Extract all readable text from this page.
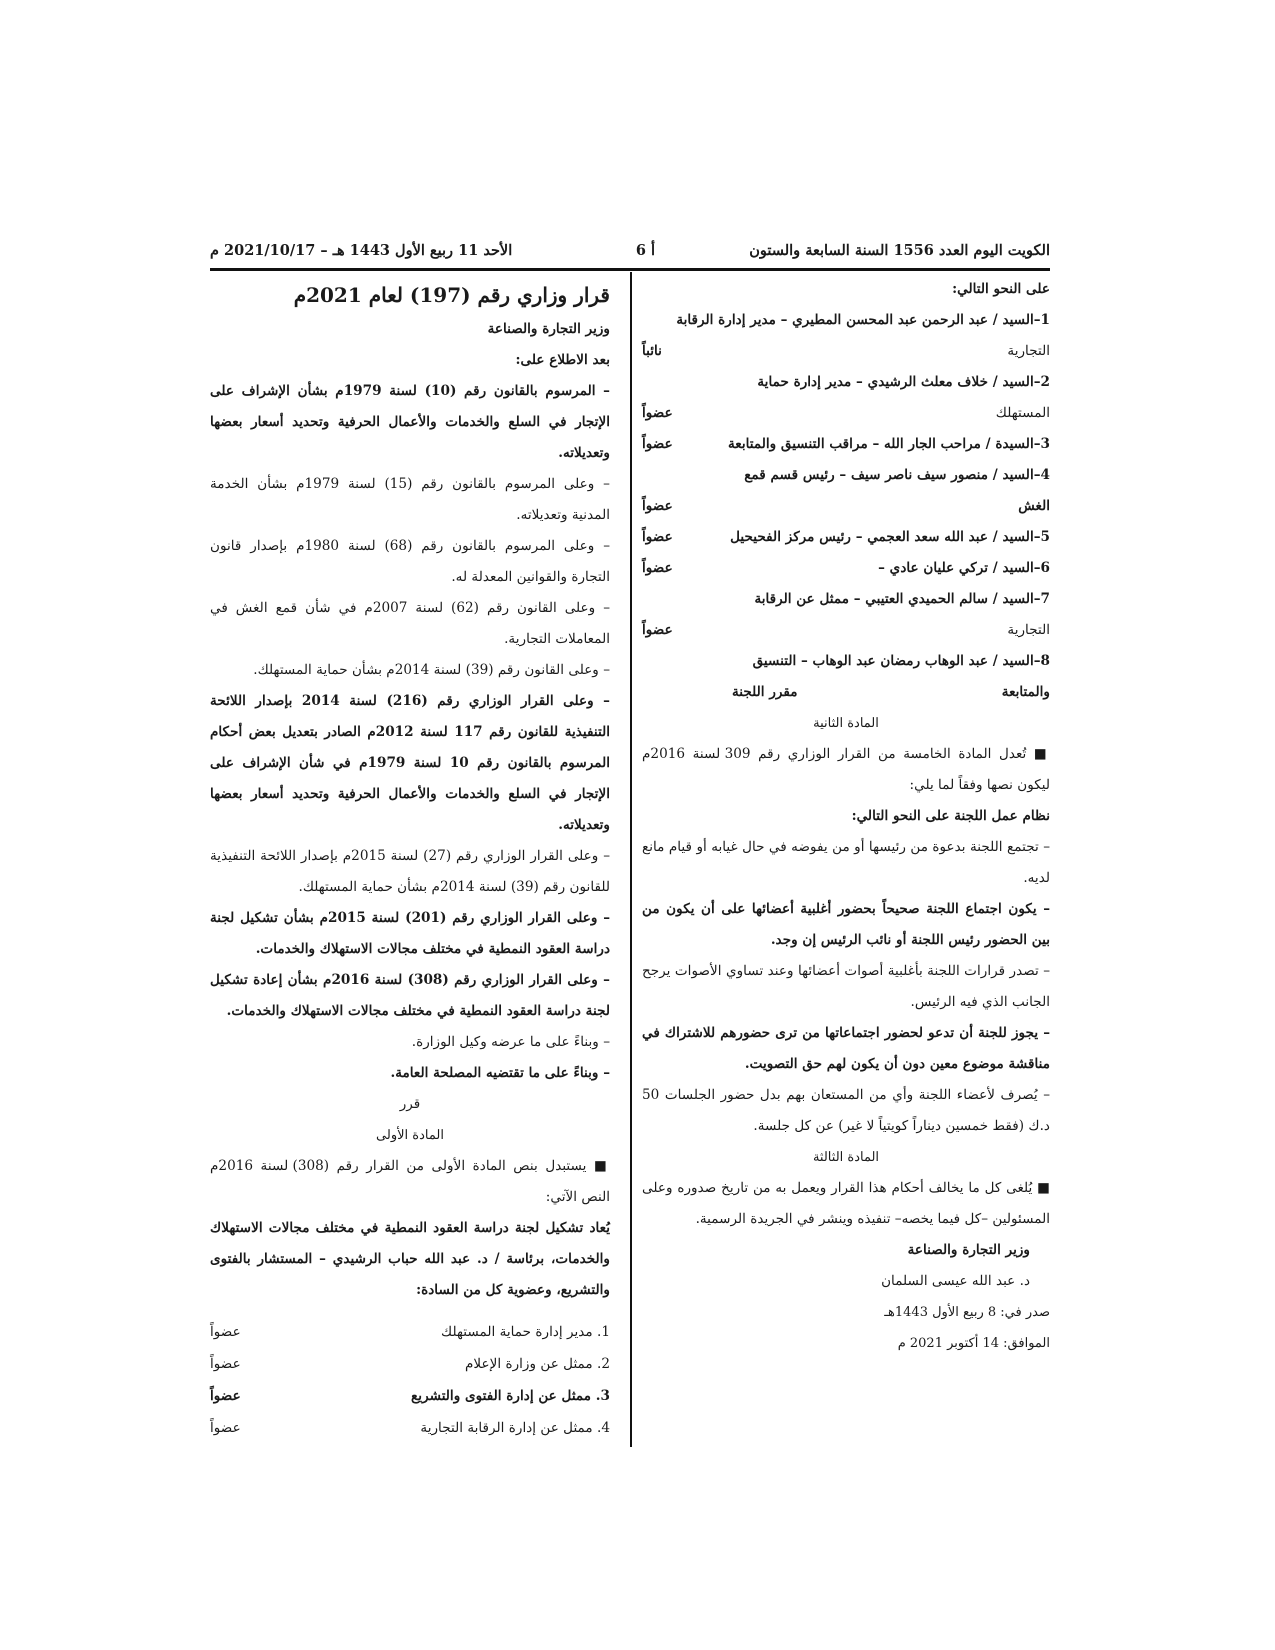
الكويت اليوم العدد 1556 السنة السابعة والستون
أ 6
الأحد 11 ربيع الأول 1443 هـ – 2021/10/17 م

على النحو التالي:

1–السيد / عبد الرحمن عبد المحسن المطيري – مدير إدارة الرقابة

التجارية
نائباً

2–السيد / خلاف معلث الرشيدي – مدير إدارة حماية

المستهلك
عضواً

3–السيدة / مراحب الجار الله – مراقب التنسيق والمتابعة
عضواً

4–السيد / منصور سيف ناصر سيف – رئيس قسم قمع

الغش
عضواً

5–السيد / عبد الله سعد العجمي – رئيس مركز الفحيحيل
عضواً

6–السيد / تركي عليان عادي –
عضواً

7–السيد / سالم الحميدي العتيبي – ممثل عن الرقابة

التجارية
عضواً

8–السيد / عبد الوهاب رمضان عبد الوهاب – التنسيق

والمتابعة
مقرر اللجنة

المادة الثانية

■ تُعدل المادة الخامسة من القرار الوزاري رقم 309 لسنة 2016م ليكون نصها وفقاً لما يلي:

نظام عمل اللجنة على النحو التالي:

– تجتمع اللجنة بدعوة من رئيسها أو من يفوضه في حال غيابه أو قيام مانع لديه.

– يكون اجتماع اللجنة صحيحاً بحضور أغلبية أعضائها على أن يكون من بين الحضور رئيس اللجنة أو نائب الرئيس إن وجد.

– تصدر قرارات اللجنة بأغلبية أصوات أعضائها وعند تساوي الأصوات يرجح الجانب الذي فيه الرئيس.

– يجوز للجنة أن تدعو لحضور اجتماعاتها من ترى حضورهم للاشتراك في مناقشة موضوع معين دون أن يكون لهم حق التصويت.

– يُصرف لأعضاء اللجنة وأي من المستعان بهم بدل حضور الجلسات 50 د.ك (فقط خمسين ديناراً كويتياً لا غير) عن كل جلسة.

المادة الثالثة

■ يُلغى كل ما يخالف أحكام هذا القرار ويعمل به من تاريخ صدوره وعلى المسئولين –كل فيما يخصه– تنفيذه وينشر في الجريدة الرسمية.

وزير التجارة والصناعة

د. عبد الله عيسى السلمان

صدر في: 8 ربيع الأول 1443هـ

الموافق: 14 أكتوبر 2021 م

قرار وزاري رقم (197) لعام 2021م

وزير التجارة والصناعة

بعد الاطلاع على:

– المرسوم بالقانون رقم (10) لسنة 1979م بشأن الإشراف على الإتجار في السلع والخدمات والأعمال الحرفية وتحديد أسعار بعضها وتعديلاته.

– وعلى المرسوم بالقانون رقم (15) لسنة 1979م بشأن الخدمة المدنية وتعديلاته.

– وعلى المرسوم بالقانون رقم (68) لسنة 1980م بإصدار قانون التجارة والقوانين المعدلة له.

– وعلى القانون رقم (62) لسنة 2007م في شأن قمع الغش في المعاملات التجارية.

– وعلى القانون رقم (39) لسنة 2014م بشأن حماية المستهلك.

– وعلى القرار الوزاري رقم (216) لسنة 2014 بإصدار اللائحة التنفيذية للقانون رقم 117 لسنة 2012م الصادر بتعديل بعض أحكام المرسوم بالقانون رقم 10 لسنة 1979م في شأن الإشراف على الإتجار في السلع والخدمات والأعمال الحرفية وتحديد أسعار بعضها وتعديلاته.

– وعلى القرار الوزاري رقم (27) لسنة 2015م بإصدار اللائحة التنفيذية للقانون رقم (39) لسنة 2014م بشأن حماية المستهلك.

– وعلى القرار الوزاري رقم (201) لسنة 2015م بشأن تشكيل لجنة دراسة العقود النمطية في مختلف مجالات الاستهلاك والخدمات.

– وعلى القرار الوزاري رقم (308) لسنة 2016م بشأن إعادة تشكيل لجنة دراسة العقود النمطية في مختلف مجالات الاستهلاك والخدمات.

– وبناءً على ما عرضه وكيل الوزارة.

– وبناءً على ما تقتضيه المصلحة العامة.

قرر

المادة الأولى

■ يستبدل بنص المادة الأولى من القرار رقم (308) لسنة 2016م النص الآتي:

يُعاد تشكيل لجنة دراسة العقود النمطية في مختلف مجالات الاستهلاك والخدمات، برئاسة / د. عبد الله حباب الرشيدي – المستشار بالفتوى والتشريع، وعضوية كل من السادة:

1. مدير إدارة حماية المستهلك
عضواً

2. ممثل عن وزارة الإعلام
عضواً

3. ممثل عن إدارة الفتوى والتشريع
عضواً

4. ممثل عن إدارة الرقابة التجارية
عضواً
